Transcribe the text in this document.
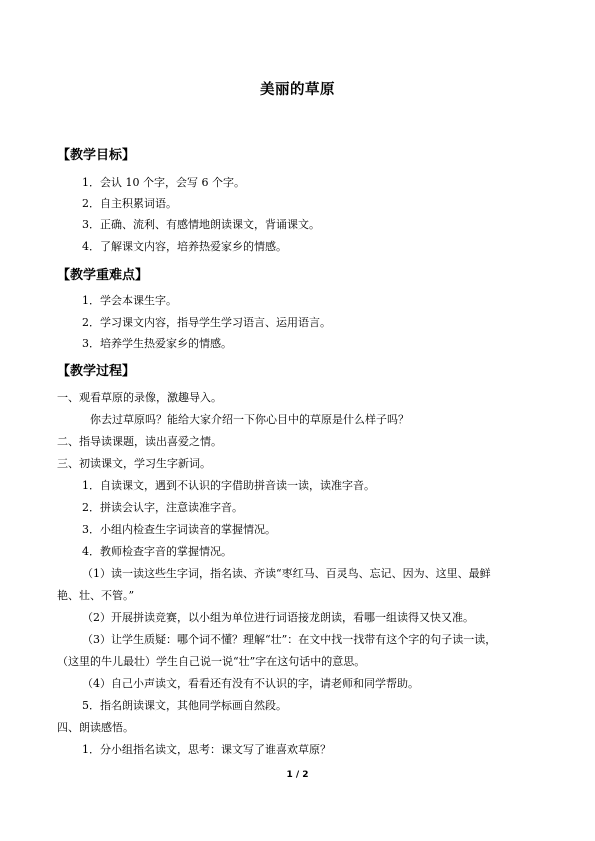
美丽的草原
【教学目标】
1．会认 10 个字，会写 6 个字。
2．自主积累词语。
3．正确、流利、有感情地朗读课文，背诵课文。
4．了解课文内容，培养热爱家乡的情感。
【教学重难点】
1．学会本课生字。
2．学习课文内容，指导学生学习语言、运用语言。
3．培养学生热爱家乡的情感。
【教学过程】
一、观看草原的录像，激趣导入。
你去过草原吗？能给大家介绍一下你心目中的草原是什么样子吗？
二、指导读课题，读出喜爱之情。
三、初读课文，学习生字新词。
1．自读课文，遇到不认识的字借助拼音读一读，读准字音。
2．拼读会认字，注意读准字音。
3．小组内检查生字词读音的掌握情况。
4．教师检查字音的掌握情况。
（1）读一读这些生字词，指名读、齐读“枣红马、百灵鸟、忘记、因为、这里、最鲜
艳、壮、不管。”
（2）开展拼读竞赛，以小组为单位进行词语接龙朗读，看哪一组读得又快又准。
（3）让学生质疑：哪个词不懂？理解“壮”：在文中找一找带有这个字的句子读一读，
（这里的牛儿最壮）学生自己说一说“壮”字在这句话中的意思。
（4）自己小声读文，看看还有没有不认识的字，请老师和同学帮助。
5．指名朗读课文，其他同学标画自然段。
四、朗读感悟。
1．分小组指名读文，思考：课文写了谁喜欢草原？
1 / 2
